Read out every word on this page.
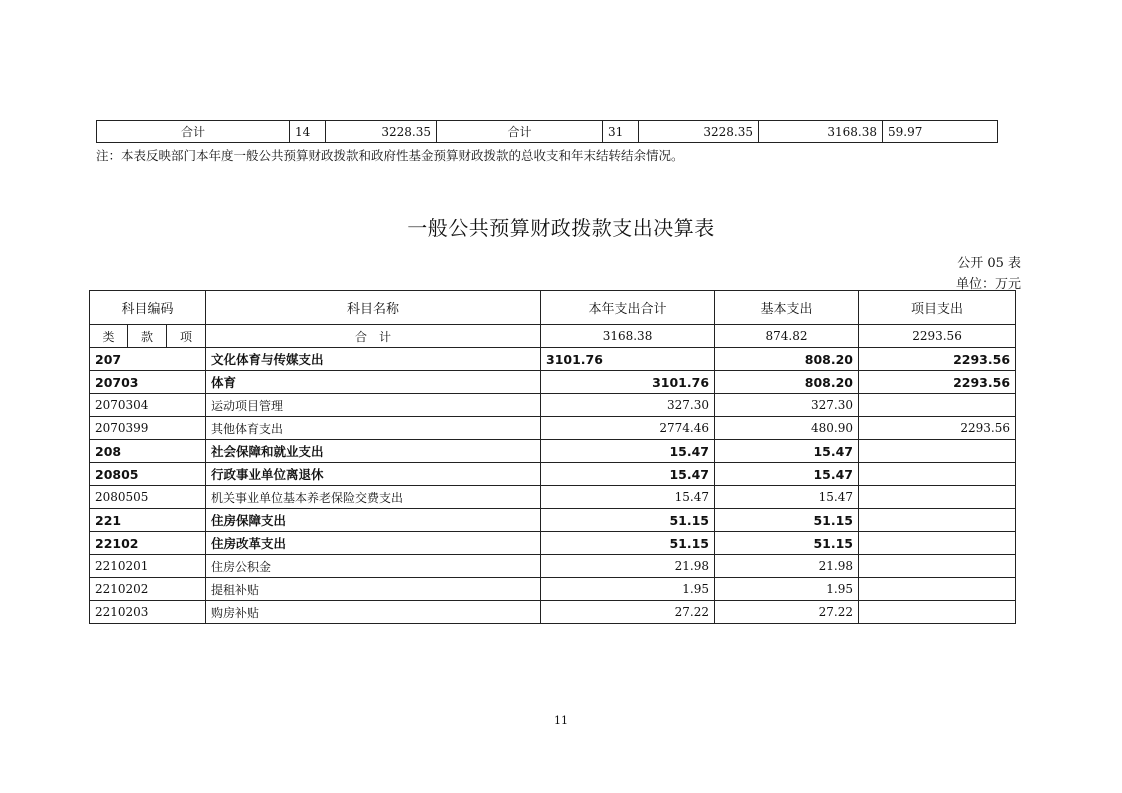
合计	14	3228.35	合计	31	3228.35	3168.38	59.97
注：本表反映部门本年度一般公共预算财政拨款和政府性基金预算财政拨款的总收支和年末结转结余情况。
一般公共预算财政拨款支出决算表
公开 05 表
单位：万元
科目编码			科目名称	本年支出合计	基本支出	项目支出
类	款	项	合　计	3168.38	874.82	2293.56
207			文化体育与传媒支出	3101.76	808.20	2293.56
20703			体育	3101.76	808.20	2293.56
2070304			运动项目管理	327.30	327.30	
2070399			其他体育支出	2774.46	480.90	2293.56
208			社会保障和就业支出	15.47	15.47	
20805			行政事业单位离退休	15.47	15.47	
2080505			机关事业单位基本养老保险交费支出	15.47	15.47	
221			住房保障支出	51.15	51.15	
22102			住房改革支出	51.15	51.15	
2210201			住房公积金	21.98	21.98	
2210202			提租补贴	1.95	1.95	
2210203			购房补贴	27.22	27.22	
11
